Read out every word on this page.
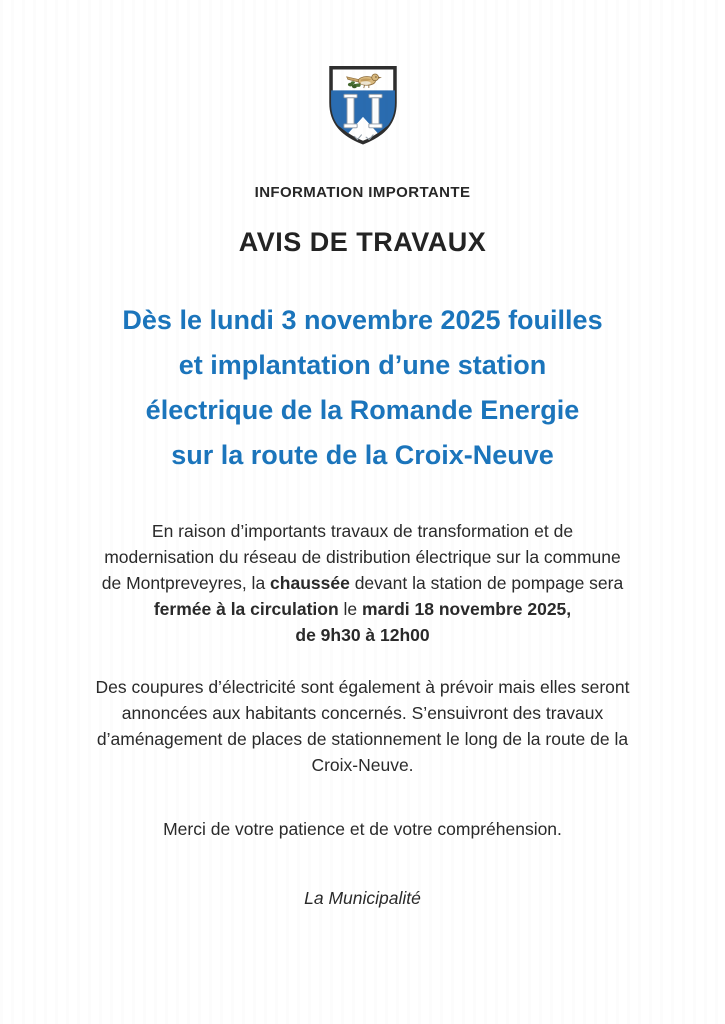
INFORMATION IMPORTANTE
AVIS DE TRAVAUX
Dès le lundi 3 novembre 2025 fouilles
et implantation d’une station
électrique de la Romande Energie
sur la route de la Croix-Neuve
En raison d’importants travaux de transformation et de
modernisation du réseau de distribution électrique sur la commune
de Montpreveyres, la chaussée devant la station de pompage sera
fermée à la circulation le mardi 18 novembre 2025,
de 9h30 à 12h00
Des coupures d’électricité sont également à prévoir mais elles seront
annoncées aux habitants concernés. S’ensuivront des travaux
d’aménagement de places de stationnement le long de la route de la
Croix-Neuve.
Merci de votre patience et de votre compréhension.
La Municipalité
